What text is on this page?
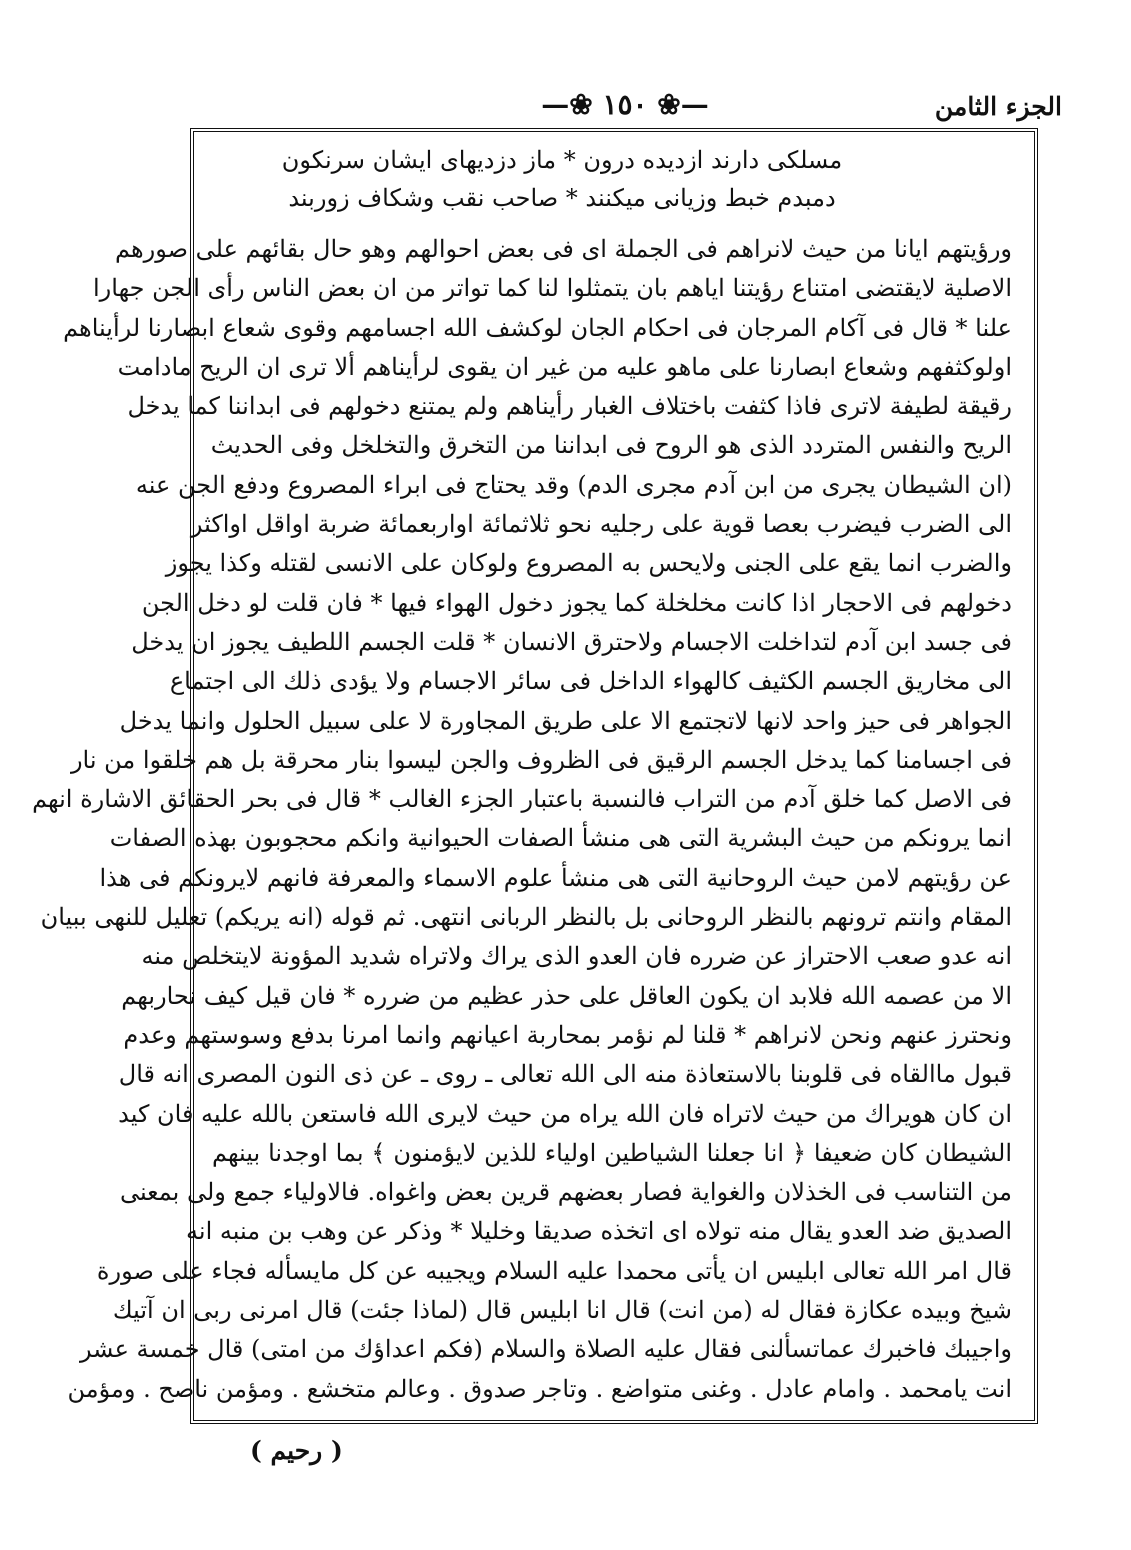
الجزء الثامن
—❀ ١٥٠ ❀—
مسلکی دارند ازدیده درون * ماز دزدیهای ایشان سرنکون
دمبدم خبط وزیانی میکنند * صاحب نقب وشکاف زوربند
ورؤيتهم ايانا من حيث لانراهم فى الجملة اى فى بعض احوالهم وهو حال بقائهم على صورهم
الاصلية لايقتضى امتناع رؤيتنا اياهم بان يتمثلوا لنا كما تواتر من ان بعض الناس رأى الجن جهارا
علنا * قال فى آكام المرجان فى احكام الجان لوكشف الله اجسامهم وقوى شعاع ابصارنا لرأيناهم
اولوكثفهم وشعاع ابصارنا على ماهو عليه من غير ان يقوى لرأيناهم ألا ترى ان الريح مادامت
رقيقة لطيفة لاترى فاذا كثفت باختلاف الغبار رأيناهم ولم يمتنع دخولهم فى ابداننا كما يدخل
الريح والنفس المتردد الذى هو الروح فى ابداننا من التخرق والتخلخل وفى الحديث
(ان الشيطان يجرى من ابن آدم مجرى الدم) وقد يحتاج فى ابراء المصروع ودفع الجن عنه
الى الضرب فيضرب بعصا قوية على رجليه نحو ثلاثمائة اواربعمائة ضربة اواقل اواكثر
والضرب انما يقع على الجنى ولايحس به المصروع ولوكان على الانسى لقتله وكذا يجوز
دخولهم فى الاحجار اذا كانت مخلخلة كما يجوز دخول الهواء فيها * فان قلت لو دخل الجن
فى جسد ابن آدم لتداخلت الاجسام ولاحترق الانسان * قلت الجسم اللطيف يجوز ان يدخل
الى مخاريق الجسم الكثيف كالهواء الداخل فى سائر الاجسام ولا يؤدى ذلك الى اجتماع
الجواهر فى حيز واحد لانها لاتجتمع الا على طريق المجاورة لا على سبيل الحلول وانما يدخل
فى اجسامنا كما يدخل الجسم الرقيق فى الظروف والجن ليسوا بنار محرقة بل هم خلقوا من نار
فى الاصل كما خلق آدم من التراب فالنسبة باعتبار الجزء الغالب * قال فى بحر الحقائق الاشارة انهم
انما يرونكم من حيث البشرية التى هى منشأ الصفات الحيوانية وانكم محجوبون بهذه الصفات
عن رؤيتهم لامن حيث الروحانية التى هى منشأ علوم الاسماء والمعرفة فانهم لايرونكم فى هذا
المقام وانتم ترونهم بالنظر الروحانى بل بالنظر الربانى انتهى. ثم قوله (انه يريكم) تعليل للنهى ببيان
انه عدو صعب الاحتراز عن ضرره فان العدو الذى يراك ولاتراه شديد المؤونة لايتخلص منه
الا من عصمه الله فلابد ان يكون العاقل على حذر عظيم من ضرره * فان قيل كيف نحاربهم
ونحترز عنهم ونحن لانراهم * قلنا لم نؤمر بمحاربة اعيانهم وانما امرنا بدفع وسوستهم وعدم
قبول ماالقاه فى قلوبنا بالاستعاذة منه الى الله تعالى ـ روى ـ عن ذى النون المصرى انه قال
ان كان هويراك من حيث لاتراه فان الله يراه من حيث لايرى الله فاستعن بالله عليه فان كيد
الشيطان كان ضعيفا ﴿ انا جعلنا الشياطين اولياء للذين لايؤمنون ﴾ بما اوجدنا بينهم
من التناسب فى الخذلان والغواية فصار بعضهم قرين بعض واغواه. فالاولياء جمع ولى بمعنى
الصديق ضد العدو يقال منه تولاه اى اتخذه صديقا وخليلا * وذكر عن وهب بن منبه انه
قال امر الله تعالى ابليس ان يأتى محمدا عليه السلام ويجيبه عن كل مايسأله فجاء على صورة
شيخ وبيده عكازة فقال له (من انت) قال انا ابليس قال (لماذا جئت) قال امرنى ربى ان آتيك
واجيبك فاخبرك عماتسألنى فقال عليه الصلاة والسلام (فكم اعداؤك من امتى) قال خمسة عشر
انت يامحمد . وامام عادل . وغنى متواضع . وتاجر صدوق . وعالم متخشع . ومؤمن ناصح . ومؤمن
( رحيم )
